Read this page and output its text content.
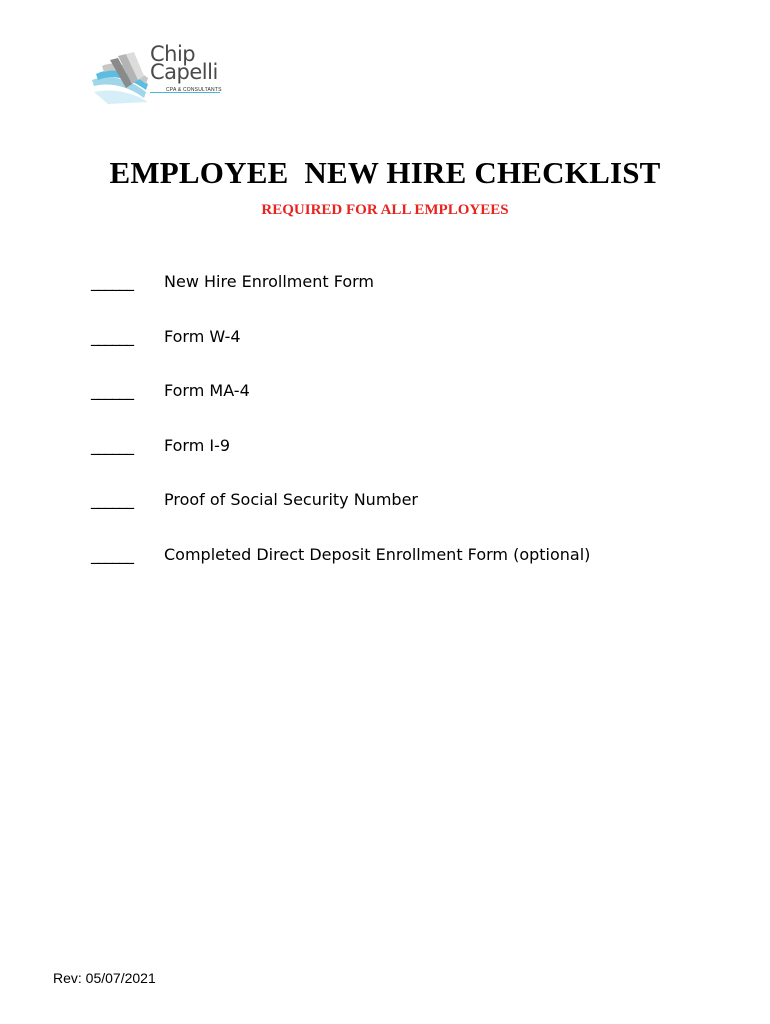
Chip
Capelli
CPA & CONSULTANTS
EMPLOYEE  NEW HIRE CHECKLIST
REQUIRED FOR ALL EMPLOYEES
______	New Hire Enrollment Form
______	Form W-4
______	Form MA-4
______	Form I-9
______	Proof of Social Security Number
______	Completed Direct Deposit Enrollment Form (optional)
Rev: 05/07/2021
